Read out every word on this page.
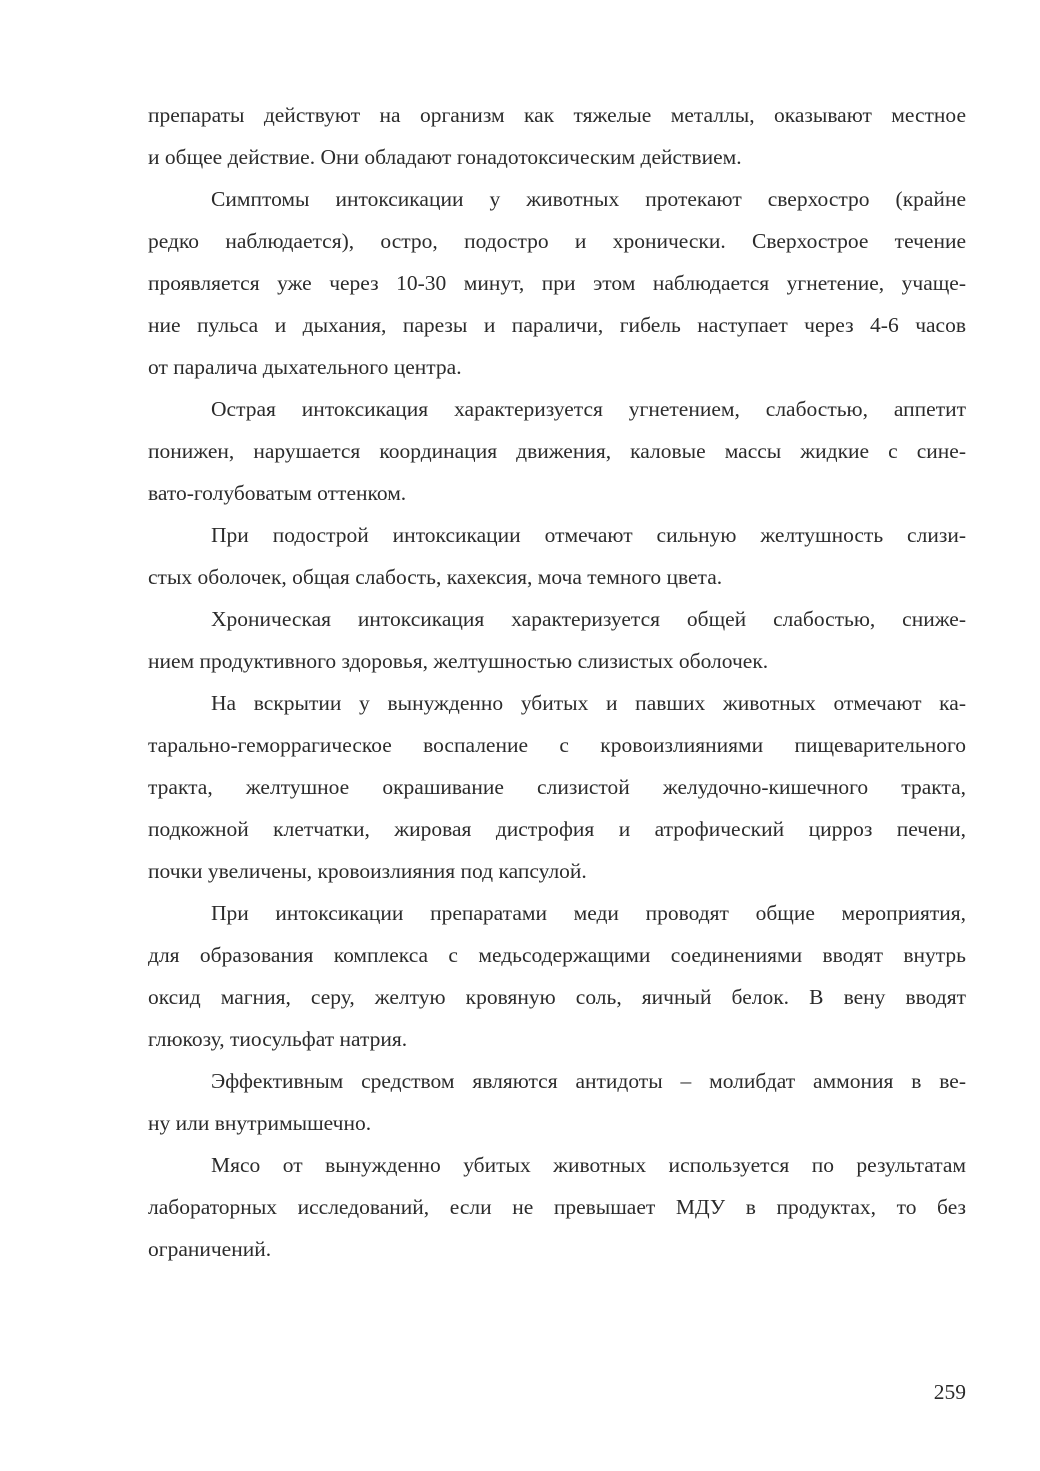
препараты действуют на организм как тяжелые металлы, оказывают местное
и общее действие. Они обладают гонадотоксическим действием.
Симптомы интоксикации у животных протекают сверхостро (крайне
редко наблюдается), остро, подостро и хронически. Сверхострое течение
проявляется уже через 10-30 минут, при этом наблюдается угнетение, учаще-
ние пульса и дыхания, парезы и параличи, гибель наступает через 4-6 часов
от паралича дыхательного центра.
Острая интоксикация характеризуется угнетением, слабостью, аппетит
понижен, нарушается координация движения, каловые массы жидкие с сине-
вато-голубоватым оттенком.
При подострой интоксикации отмечают сильную желтушность слизи-
стых оболочек, общая слабость, кахексия, моча темного цвета.
Хроническая интоксикация характеризуется общей слабостью, сниже-
нием продуктивного здоровья, желтушностью слизистых оболочек.
На вскрытии у вынужденно убитых и павших животных отмечают ка-
тарально-геморрагическое воспаление с кровоизлияниями пищеварительного
тракта, желтушное окрашивание слизистой желудочно-кишечного тракта,
подкожной клетчатки, жировая дистрофия и атрофический цирроз печени,
почки увеличены, кровоизлияния под капсулой.
При интоксикации препаратами меди проводят общие мероприятия,
для образования комплекса с медьсодержащими соединениями вводят внутрь
оксид магния, серу, желтую кровяную соль, яичный белок. В вену вводят
глюкозу, тиосульфат натрия.
Эффективным средством являются антидоты – молибдат аммония в ве-
ну или внутримышечно.
Мясо от вынужденно убитых животных используется по результатам
лабораторных исследований, если не превышает МДУ в продуктах, то без
ограничений.
259
